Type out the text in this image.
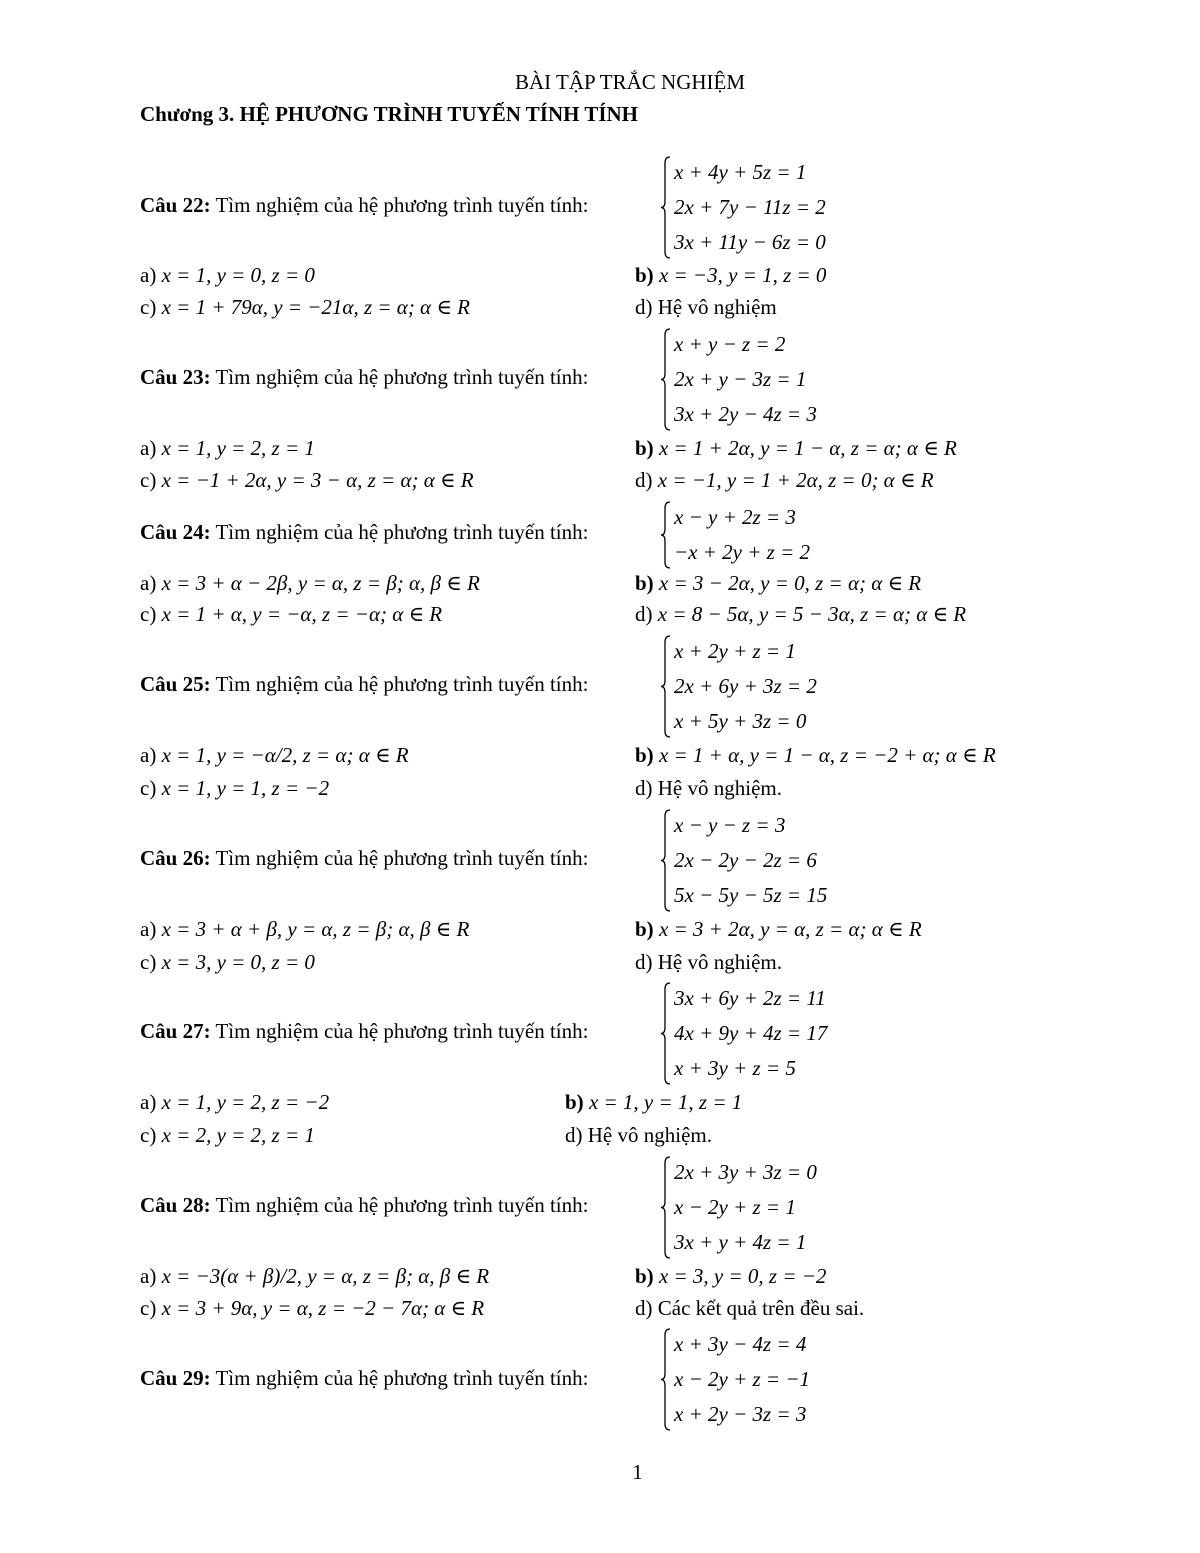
BÀI TẬP TRẮC NGHIỆM
Chương 3. HỆ PHƯƠNG TRÌNH TUYẾN TÍNH TÍNH
Câu 22: Tìm nghiệm của hệ phương trình tuyến tính:
x + 4y + 5z = 1
2x + 7y − 11z = 2
3x + 11y − 6z = 0
a) x = 1, y = 0, z = 0	b) x = −3, y = 1, z = 0
c) x = 1 + 79α, y = −21α, z = α; α ∈ R	d) Hệ vô nghiệm
Câu 23: Tìm nghiệm của hệ phương trình tuyến tính:
x + y − z = 2
2x + y − 3z = 1
3x + 2y − 4z = 3
a) x = 1, y = 2, z = 1	b) x = 1 + 2α, y = 1 − α, z = α; α ∈ R
c) x = −1 + 2α, y = 3 − α, z = α; α ∈ R	d) x = −1, y = 1 + 2α, z = 0; α ∈ R
Câu 24: Tìm nghiệm của hệ phương trình tuyến tính:
x − y + 2z = 3
−x + 2y + z = 2
a) x = 3 + α − 2β, y = α, z = β; α, β ∈ R	b) x = 3 − 2α, y = 0, z = α; α ∈ R
c) x = 1 + α, y = −α, z = −α; α ∈ R	d) x = 8 − 5α, y = 5 − 3α, z = α; α ∈ R
Câu 25: Tìm nghiệm của hệ phương trình tuyến tính:
x + 2y + z = 1
2x + 6y + 3z = 2
x + 5y + 3z = 0
a) x = 1, y = −α/2, z = α; α ∈ R	b) x = 1 + α, y = 1 − α, z = −2 + α; α ∈ R
c) x = 1, y = 1, z = −2	d) Hệ vô nghiệm.
Câu 26: Tìm nghiệm của hệ phương trình tuyến tính:
x − y − z = 3
2x − 2y − 2z = 6
5x − 5y − 5z = 15
a) x = 3 + α + β, y = α, z = β; α, β ∈ R	b) x = 3 + 2α, y = α, z = α; α ∈ R
c) x = 3, y = 0, z = 0	d) Hệ vô nghiệm.
Câu 27: Tìm nghiệm của hệ phương trình tuyến tính:
3x + 6y + 2z = 11
4x + 9y + 4z = 17
x + 3y + z = 5
a) x = 1, y = 2, z = −2	b) x = 1, y = 1, z = 1
c) x = 2, y = 2, z = 1	d) Hệ vô nghiệm.
Câu 28: Tìm nghiệm của hệ phương trình tuyến tính:
2x + 3y + 3z = 0
x − 2y + z = 1
3x + y + 4z = 1
a) x = −3(α + β)/2, y = α, z = β; α, β ∈ R	b) x = 3, y = 0, z = −2
c) x = 3 + 9α, y = α, z = −2 − 7α; α ∈ R	d) Các kết quả trên đều sai.
Câu 29: Tìm nghiệm của hệ phương trình tuyến tính:
x + 3y − 4z = 4
x − 2y + z = −1
x + 2y − 3z = 3
1
